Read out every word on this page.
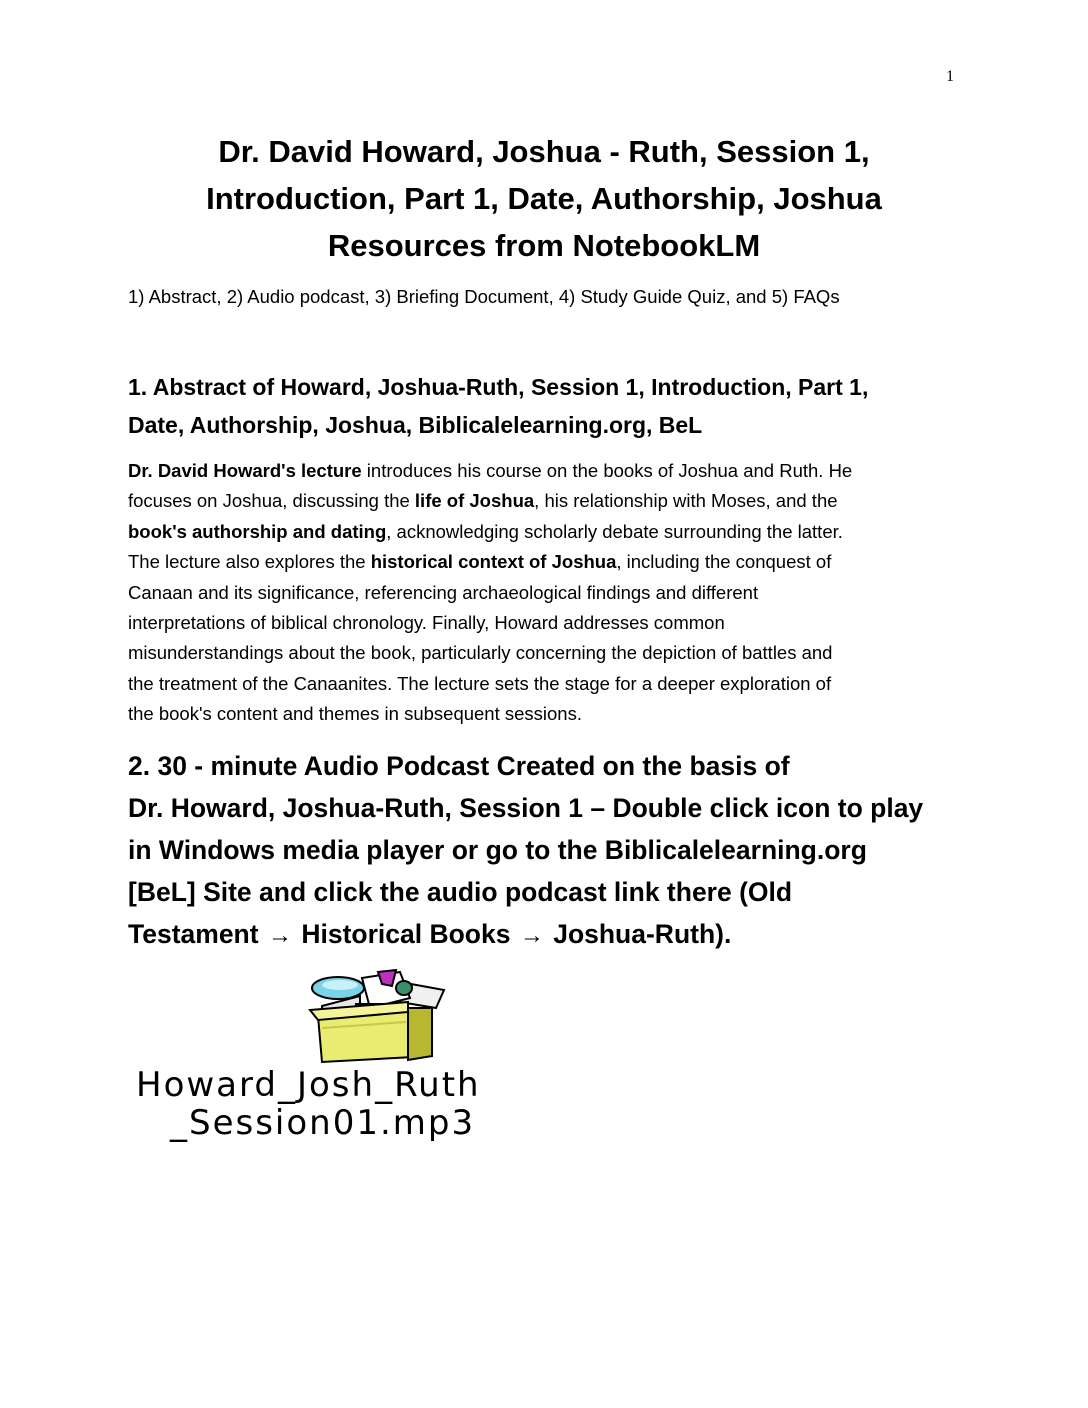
1
Dr. David Howard, Joshua - Ruth, Session 1,
Introduction, Part 1, Date, Authorship, Joshua
Resources from NotebookLM
1) Abstract, 2) Audio podcast, 3) Briefing Document, 4) Study Guide Quiz, and 5) FAQs
1. Abstract of Howard, Joshua-Ruth, Session 1, Introduction, Part 1,
Date, Authorship, Joshua, Biblicalelearning.org, BeL
Dr. David Howard's lecture introduces his course on the books of Joshua and Ruth. He
focuses on Joshua, discussing the life of Joshua, his relationship with Moses, and the
book's authorship and dating, acknowledging scholarly debate surrounding the latter.
The lecture also explores the historical context of Joshua, including the conquest of
Canaan and its significance, referencing archaeological findings and different
interpretations of biblical chronology. Finally, Howard addresses common
misunderstandings about the book, particularly concerning the depiction of battles and
the treatment of the Canaanites. The lecture sets the stage for a deeper exploration of
the book's content and themes in subsequent sessions.
2. 30 - minute Audio Podcast Created on the basis of
Dr. Howard, Joshua-Ruth, Session 1 – Double click icon to play
in Windows media player or go to the Biblicalelearning.org
[BeL] Site and click the audio podcast link there (Old
Testament → Historical Books → Joshua-Ruth).
Howard_Josh_Ruth
_Session01.mp3
